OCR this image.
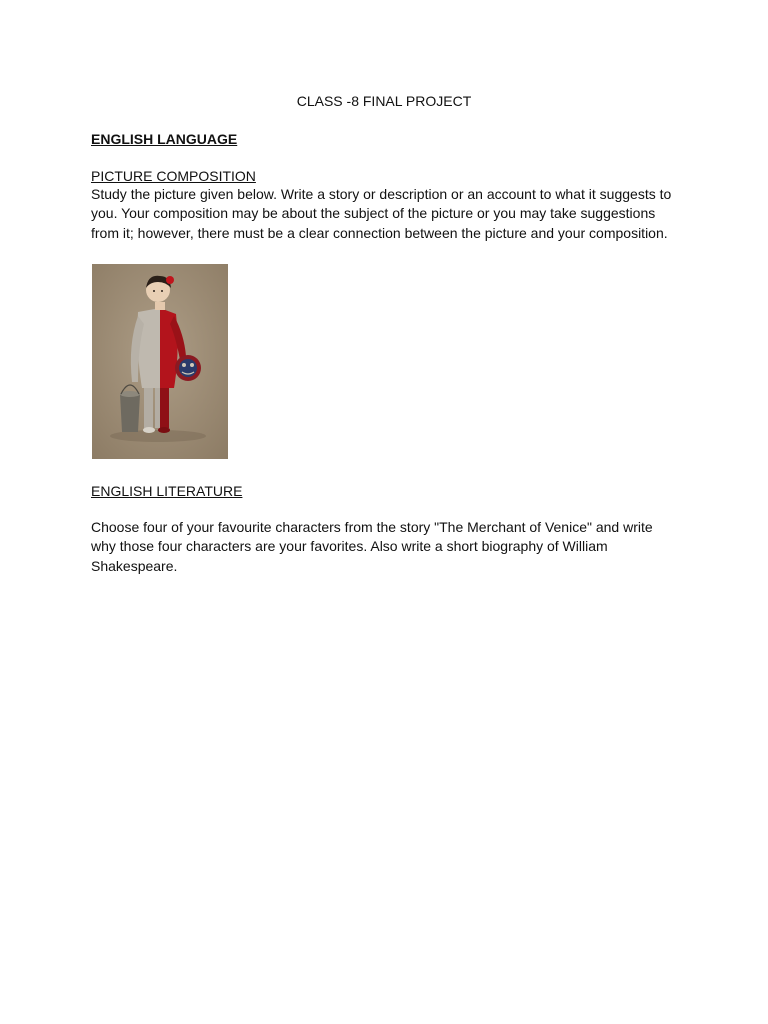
CLASS -8 FINAL PROJECT
ENGLISH LANGUAGE
PICTURE COMPOSITION
Study the picture given below. Write a story or description or an account to what it suggests to you. Your composition may be about the subject of the picture or you may take suggestions from it; however, there must be a clear connection between the picture and your composition.
ENGLISH LITERATURE
Choose four of your favourite characters from the story "The Merchant of Venice" and write why those four characters are your favorites. Also write a short biography of William Shakespeare.
